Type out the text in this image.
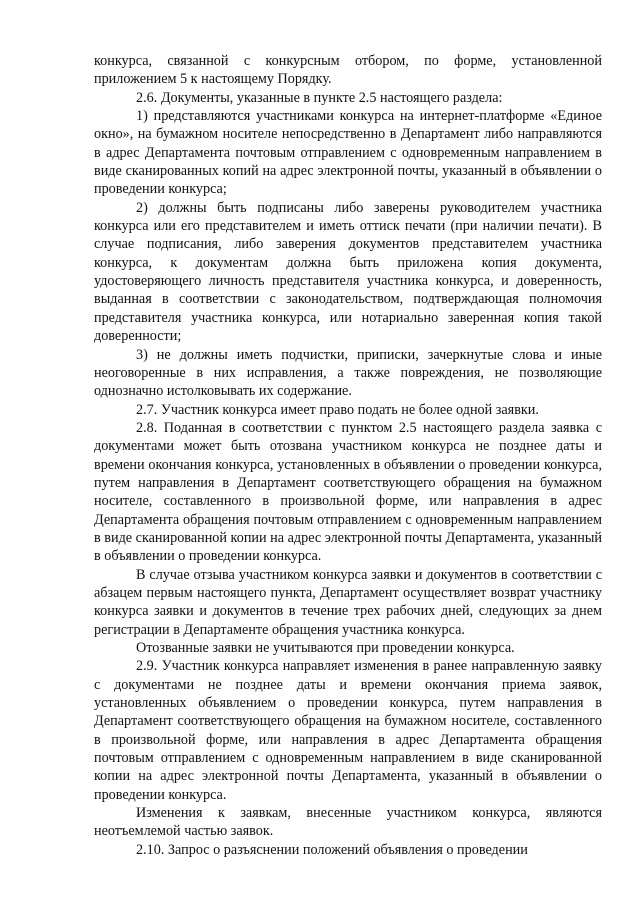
конкурса, связанной с конкурсным отбором, по форме, установленной приложением 5 к настоящему Порядку.

2.6. Документы, указанные в пункте 2.5 настоящего раздела:

1) представляются участниками конкурса на интернет-платформе «Единое окно», на бумажном носителе непосредственно в Департамент либо направляются в адрес Департамента почтовым отправлением с одновременным направлением в виде сканированных копий на адрес электронной почты, указанный в объявлении о проведении конкурса;

2) должны быть подписаны либо заверены руководителем участника конкурса или его представителем и иметь оттиск печати (при наличии печати). В случае подписания, либо заверения документов представителем участника конкурса, к документам должна быть приложена копия документа, удостоверяющего личность представителя участника конкурса, и доверенность, выданная в соответствии с законодательством, подтверждающая полномочия представителя участника конкурса, или нотариально заверенная копия такой доверенности;

3) не должны иметь подчистки, приписки, зачеркнутые слова и иные неоговоренные в них исправления, а также повреждения, не позволяющие однозначно истолковывать их содержание.

2.7. Участник конкурса имеет право подать не более одной заявки.

2.8. Поданная в соответствии с пунктом 2.5 настоящего раздела заявка с документами может быть отозвана участником конкурса не позднее даты и времени окончания конкурса, установленных в объявлении о проведении конкурса, путем направления в Департамент соответствующего обращения на бумажном носителе, составленного в произвольной форме, или направления в адрес Департамента обращения почтовым отправлением с одновременным направлением в виде сканированной копии на адрес электронной почты Департамента, указанный в объявлении о проведении конкурса.

В случае отзыва участником конкурса заявки и документов в соответствии с абзацем первым настоящего пункта, Департамент осуществляет возврат участнику конкурса заявки и документов в течение трех рабочих дней, следующих за днем регистрации в Департаменте обращения участника конкурса.

Отозванные заявки не учитываются при проведении конкурса.

2.9. Участник конкурса направляет изменения в ранее направленную заявку с документами не позднее даты и времени окончания приема заявок, установленных объявлением о проведении конкурса, путем направления в Департамент соответствующего обращения на бумажном носителе, составленного в произвольной форме, или направления в адрес Департамента обращения почтовым отправлением с одновременным направлением в виде сканированной копии на адрес электронной почты Департамента, указанный в объявлении о проведении конкурса.

Изменения к заявкам, внесенные участником конкурса, являются неотъемлемой частью заявок.

2.10. Запрос о разъяснении положений объявления о проведении
